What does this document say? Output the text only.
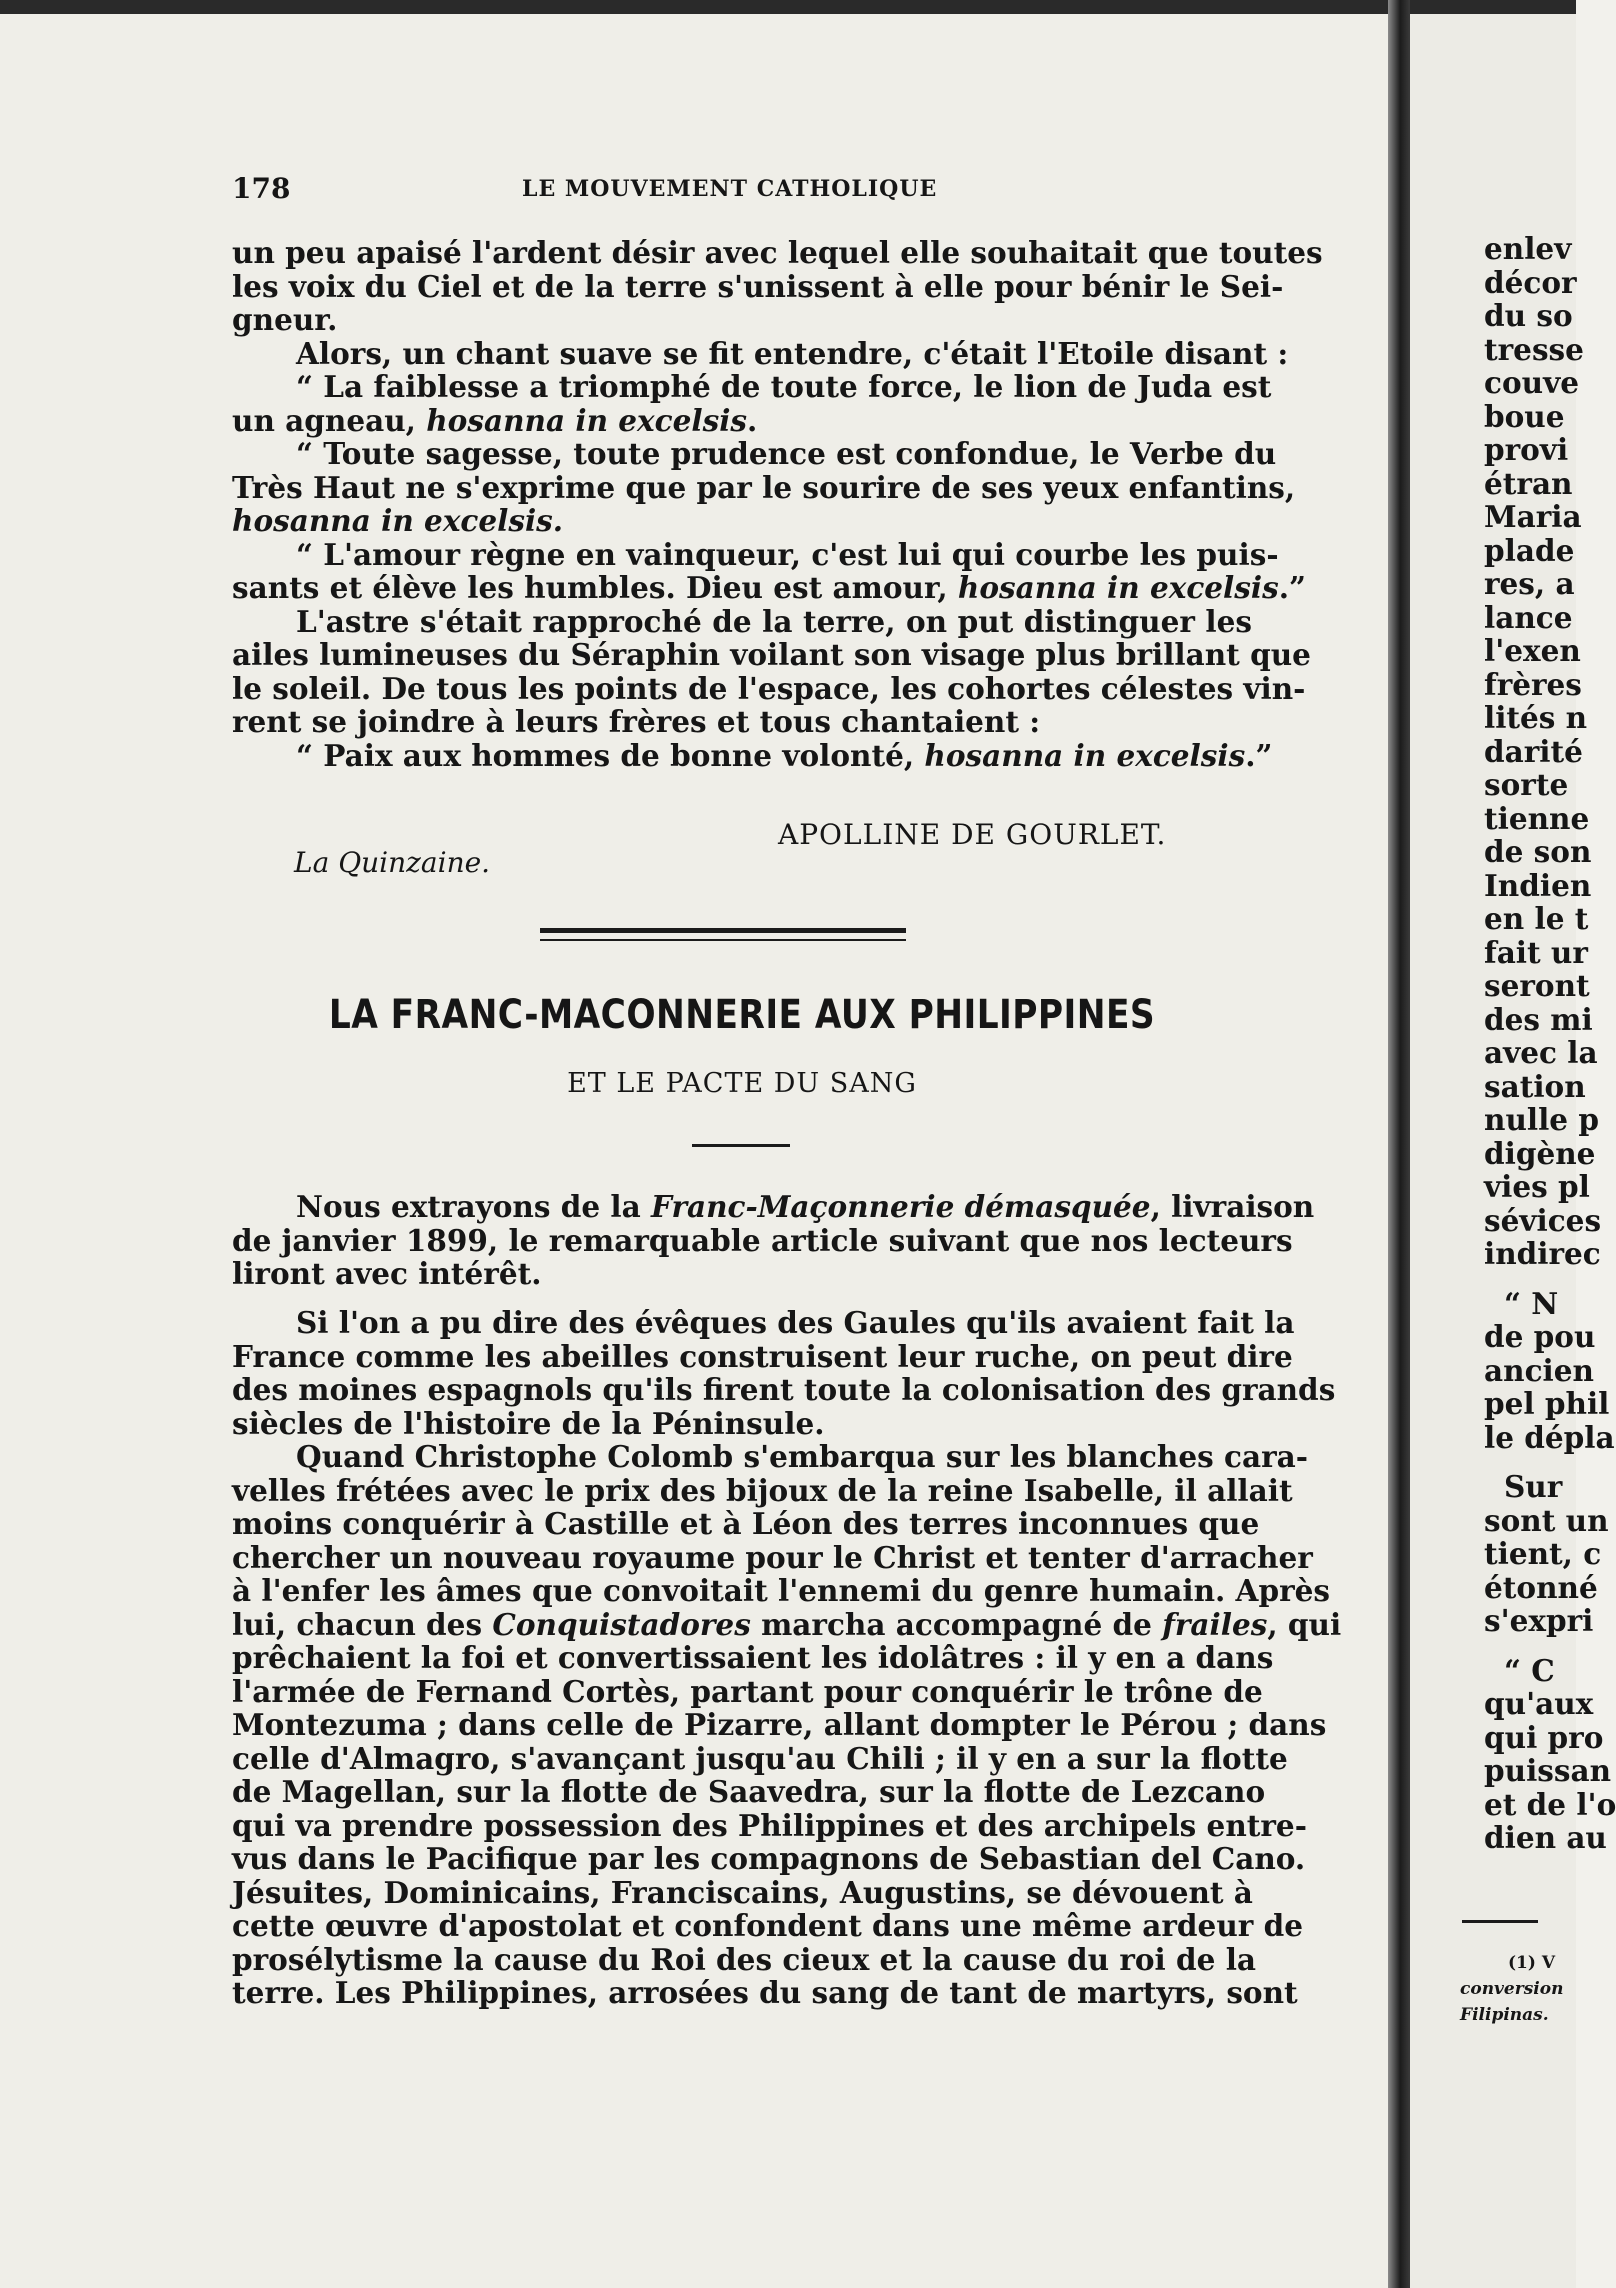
178	LE MOUVEMENT CATHOLIQUE
un peu apaisé l'ardent désir avec lequel elle souhaitait que toutes
les voix du Ciel et de la terre s'unissent à elle pour bénir le Sei-
gneur.
Alors, un chant suave se fit entendre, c'était l'Etoile disant :
“ La faiblesse a triomphé de toute force, le lion de Juda est
un agneau, hosanna in excelsis.
“ Toute sagesse, toute prudence est confondue, le Verbe du
Très Haut ne s'exprime que par le sourire de ses yeux enfantins,
hosanna in excelsis.
“ L'amour règne en vainqueur, c'est lui qui courbe les puis-
sants et élève les humbles. Dieu est amour, hosanna in excelsis
L'astre s'était rapproché de la terre, on put distinguer les
ailes lumineuses du Séraphin voilant son visage plus brillant que
le soleil. De tous les points de l'espace, les cohortes célestes vin-
rent se joindre à leurs frères et tous chantaient :
“ Paix aux hommes de bonne volonté, hosanna in excelsis.”
APOLLINE DE GOURLET.
La Quinzaine.
LA FRANC-MACONNERIE AUX PHILIPPINES
ET LE PACTE DU SANG
Nous extrayons de la Franc-Maçonnerie démasquée, livraison
de janvier 1899, le remarquable article suivant que nos lecteurs
liront avec intérêt.
Si l'on a pu dire des évêques des Gaules qu'ils avaient fait la
France comme les abeilles construisent leur ruche, on peut dire
des moines espagnols qu'ils firent toute la colonisation des grands
siècles de l'histoire de la Péninsule.
Quand Christophe Colomb s'embarqua sur les blanches cara-
velles frétées avec le prix des bijoux de la reine Isabelle, il allait
moins conquérir à Castille et à Léon des terres inconnues que
chercher un nouveau royaume pour le Christ et tenter d'arracher
à l'enfer les âmes que convoitait l'ennemi du genre humain. Après
lui, chacun des Conquistadores marcha accompagné de frailes
prêchaient la foi et convertissaient les idolâtres : il y en a dans
l'armée de Fernand Cortès, partant pour conquérir le trône de
Montezuma ; dans celle de Pizarre, allant dompter le Pérou ; dans
celle d'Almagro, s'avançant jusqu'au Chili ; il y en a sur la flotte
de Magellan, sur la flotte de Saavedra, sur la flotte de Lezcano
qui va prendre possession des Philippines et des archipels entre-
vus dans le Pacifique par les compagnons de Sebastian del Cano.
Jésuites, Dominicains, Franciscains, Augustins, se dévouent à
cette œuvre d'apostolat et confondent dans une même ardeur de
prosélytisme la cause du Roi des cieux et la cause du roi de la
terre. Les Philippines, arrosées du sang de tant de martyrs, sont
enlev
décor
du so
tresse
couve
boue
provi
étran
Maria
plade
res, a
lance
l'exen
frères
lités n
darité
sorte
tienne
de son
Indien
en le t
fait ur
seront
des mi
avec la
sation
nulle p
digène
vies pl
sévices
indirec
“ N
de pou
ancien
pel phil
le dépla
Sur
sont un
tient, c
étonné
s'expri
“ C
qu'aux
qui pro
puissan
et de l'o
dien au
(1) V
conversion
Filipinas.
